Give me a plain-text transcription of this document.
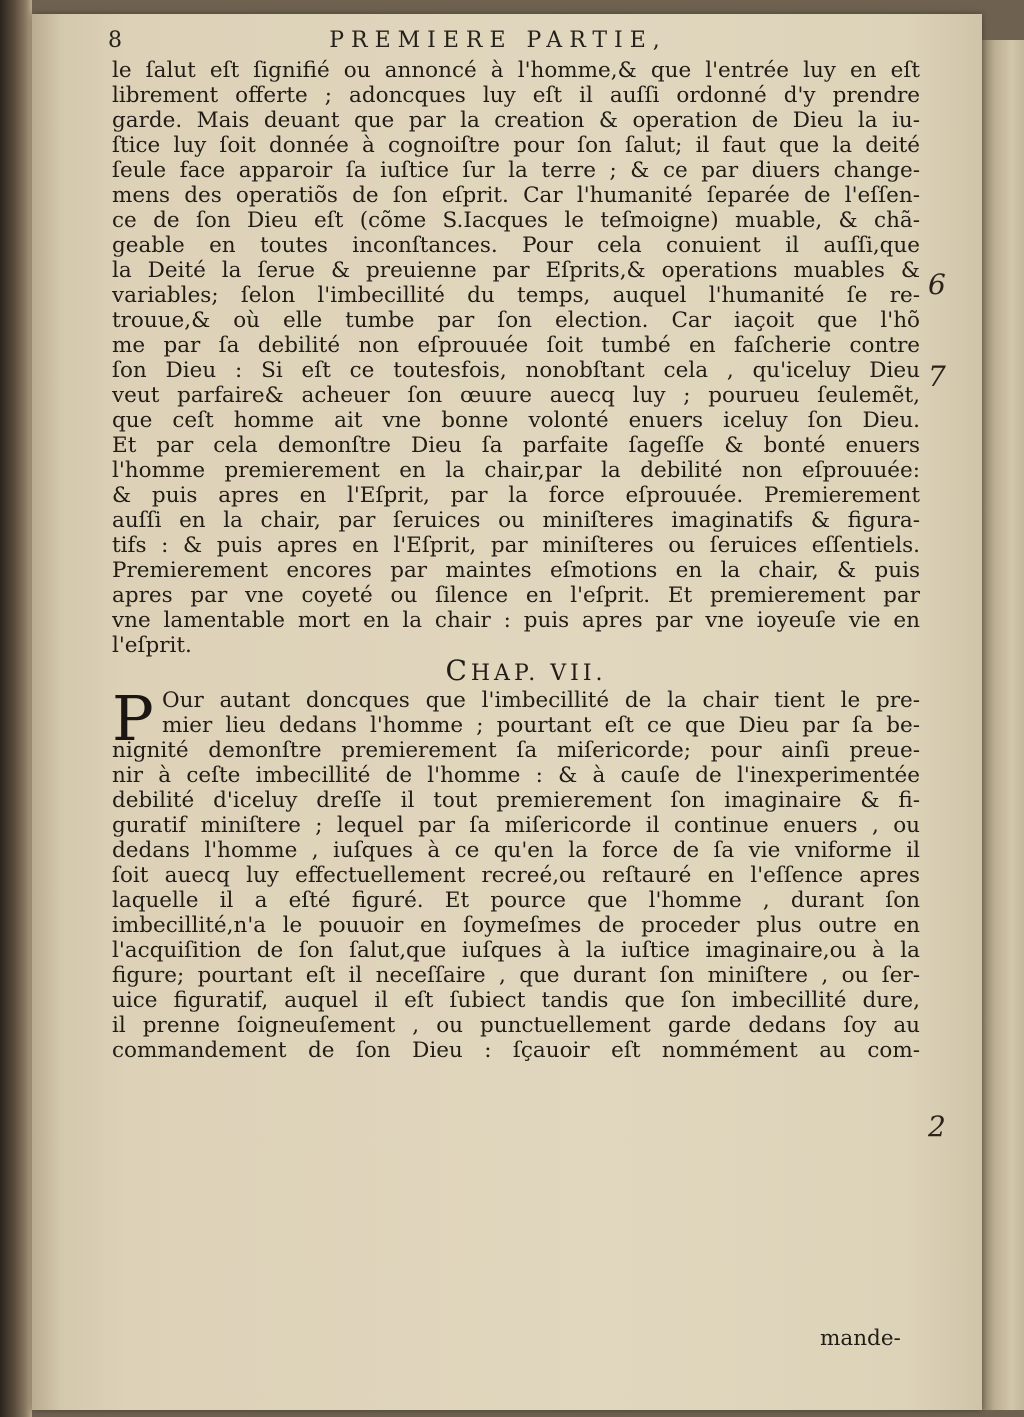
8	PREMIERE PARTIE,
le ſalut eſt ſignifié ou annoncé à l'homme,& que l'entrée luy en eſt
librement offerte ; adoncques luy eſt il auſſi ordonné d'y prendre
garde. Mais deuant que par la creation & operation de Dieu la iu-
ſtice luy ſoit donnée à cognoiſtre pour ſon ſalut; il faut que la deité
ſeule face apparoir ſa iuſtice ſur la terre ; & ce par diuers change-
mens des operatiõs de ſon eſprit. Car l'humanité ſeparée de l'eſſen-
ce de ſon Dieu eſt (cõme S.Iacques le teſmoigne) muable, & chã-
geable en toutes inconſtances. Pour cela conuient il auſſi,que
la Deité la ſerue & preuienne par Eſprits,& operations muables &
variables; ſelon l'imbecillité du temps, auquel l'humanité ſe re-
trouue,& où elle tumbe par ſon election. Car iaçoit que l'hõ
me par ſa debilité non eſprouuée ſoit tumbé en faſcherie contre
ſon Dieu : Si eſt ce toutesfois, nonobſtant cela , qu'iceluy Dieu
veut parfaire& acheuer ſon œuure auecq luy ; pourueu ſeulemẽt,
que ceſt homme ait vne bonne volonté enuers iceluy ſon Dieu.
Et par cela demonſtre Dieu ſa parfaite ſageſſe & bonté enuers
l'homme premierement en la chair,par la debilité non eſprouuée:
& puis apres en l'Eſprit, par la force eſprouuée. Premierement
auſſi en la chair, par ſeruices ou miniſteres imaginatifs & figura-
tifs : & puis apres en l'Eſprit, par miniſteres ou ſeruices eſſentiels.
Premierement encores par maintes eſmotions en la chair, & puis
apres par vne coyeté ou ſilence en l'eſprit. Et premierement par
vne lamentable mort en la chair : puis apres par vne ioyeuſe vie en
l'eſprit.
CHAP. VII.
P Our autant doncques que l'imbecillité de la chair tient le pre-
mier lieu dedans l'homme ; pourtant eſt ce que Dieu par ſa be-
nignité demonſtre premierement ſa miſericorde; pour ainſi preue-
nir à ceſte imbecillité de l'homme : & à cauſe de l'inexperimentée
debilité d'iceluy dreſſe il tout premierement ſon imaginaire & fi-
guratif miniſtere ; lequel par ſa miſericorde il continue enuers , ou
dedans l'homme , iuſques à ce qu'en la force de ſa vie vniforme il
ſoit auecq luy effectuellement recreé,ou reſtauré en l'eſſence apres
laquelle il a eſté figuré. Et pource que l'homme , durant ſon
imbecillité,n'a le pouuoir en ſoymeſmes de proceder plus outre en
l'acquiſition de ſon ſalut,que iuſques à la iuſtice imaginaire,ou à la
figure; pourtant eſt il neceſſaire , que durant ſon miniſtere , ou ſer-
uice figuratif, auquel il eſt ſubiect tandis que ſon imbecillité dure,
il prenne ſoigneuſement , ou punctuellement garde dedans ſoy au
commandement de ſon Dieu : ſçauoir eſt nommément au com-
6
7
2
mande-
